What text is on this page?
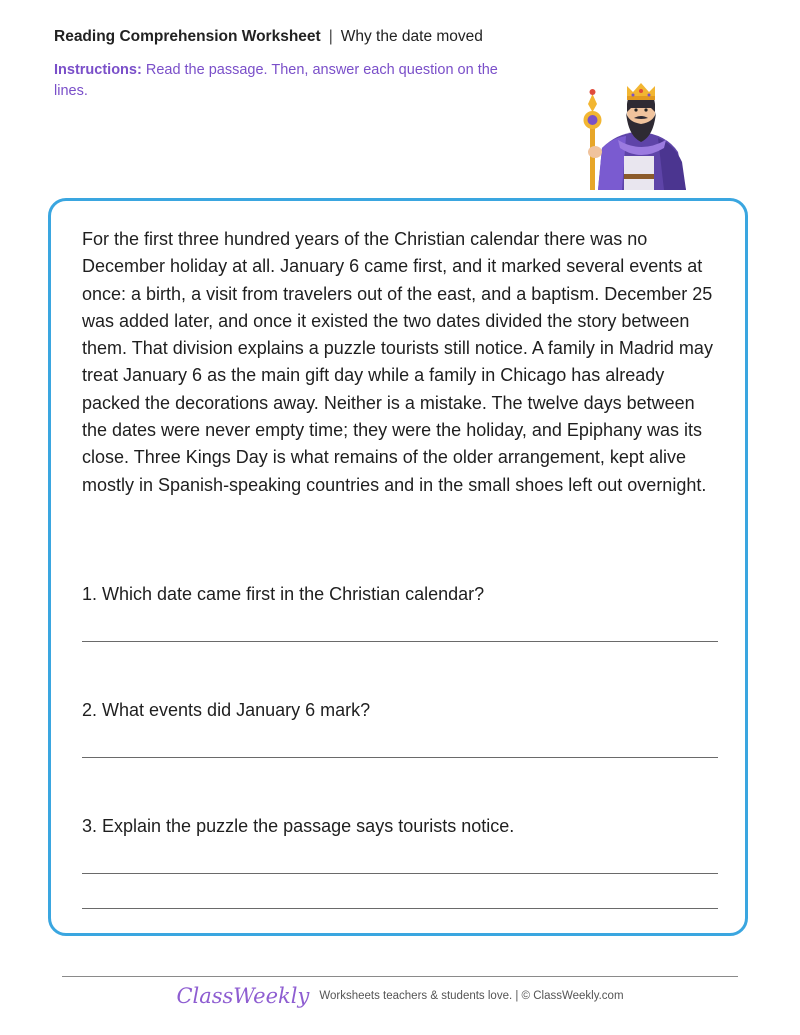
Reading Comprehension Worksheet | Why the date moved
Instructions: Read the passage. Then, answer each question on the lines.
For the first three hundred years of the Christian calendar there was no December holiday at all. January 6 came first, and it marked several events at once: a birth, a visit from travelers out of the east, and a baptism. December 25 was added later, and once it existed the two dates divided the story between them. That division explains a puzzle tourists still notice. A family in Madrid may treat January 6 as the main gift day while a family in Chicago has already packed the decorations away. Neither is a mistake. The twelve days between the dates were never empty time; they were the holiday, and Epiphany was its close. Three Kings Day is what remains of the older arrangement, kept alive mostly in Spanish-speaking countries and in the small shoes left out overnight.
1. Which date came first in the Christian calendar?
2. What events did January 6 mark?
3. Explain the puzzle the passage says tourists notice.
ClassWeekly Worksheets teachers & students love. | © ClassWeekly.com
